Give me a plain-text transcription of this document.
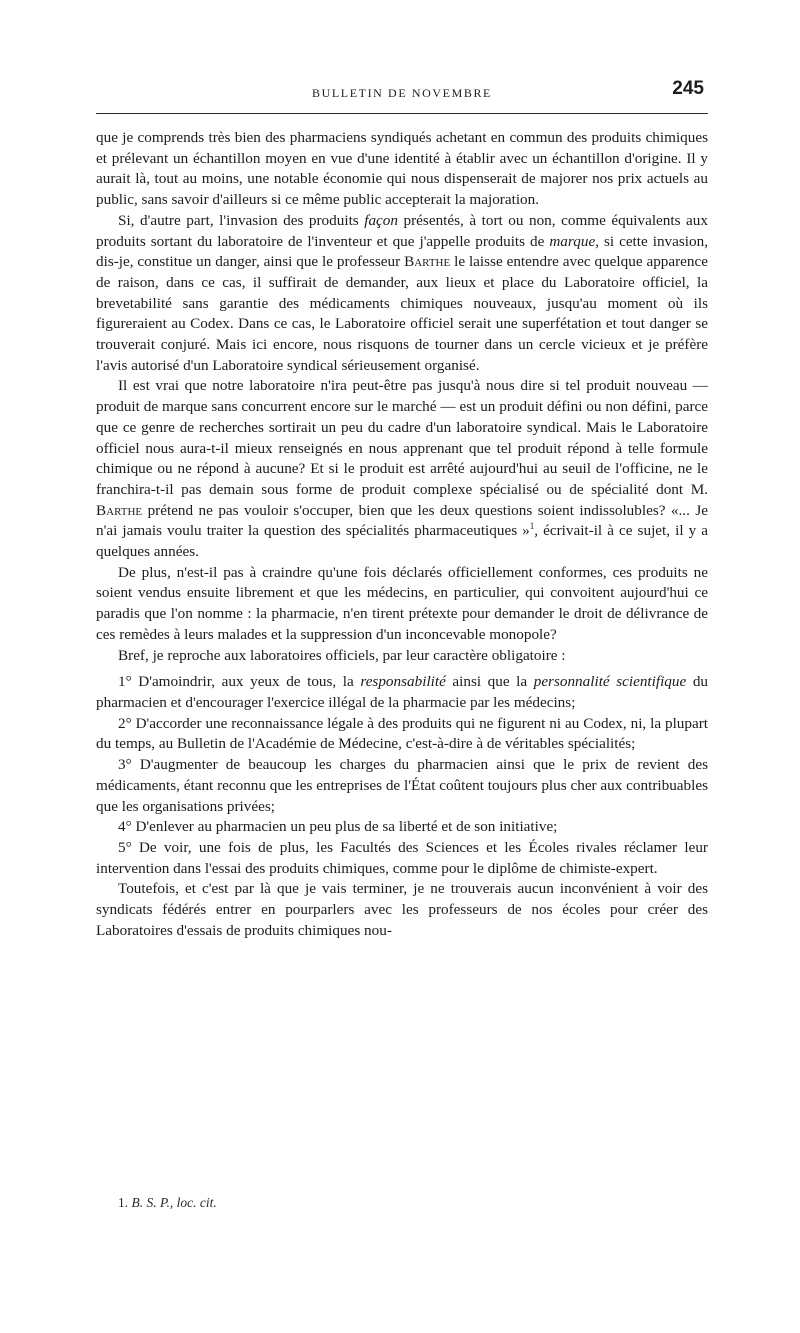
BULLETIN DE NOVEMBRE	245

que je comprends très bien des pharmaciens syndiqués achetant en commun des produits chimiques et prélevant un échantillon moyen en vue d'une identité à établir avec un échantillon d'origine. Il y aurait là, tout au moins, une notable économie qui nous dispenserait de majorer nos prix actuels au public, sans savoir d'ailleurs si ce même public accepterait la majoration.

Si, d'autre part, l'invasion des produits façon présentés, à tort ou non, comme équivalents aux produits sortant du laboratoire de l'inventeur et que j'appelle produits de marque, si cette invasion, dis-je, constitue un danger, ainsi que le professeur Barthe le laisse entendre avec quelque apparence de raison, dans ce cas, il suffirait de demander, aux lieux et place du Laboratoire officiel, la brevetabilité sans garantie des médicaments chimiques nouveaux, jusqu'au moment où ils figureraient au Codex. Dans ce cas, le Laboratoire officiel serait une superfétation et tout danger se trouverait conjuré. Mais ici encore, nous risquons de tourner dans un cercle vicieux et je préfère l'avis autorisé d'un Laboratoire syndical sérieusement organisé.

Il est vrai que notre laboratoire n'ira peut-être pas jusqu'à nous dire si tel produit nouveau — produit de marque sans concurrent encore sur le marché — est un produit défini ou non défini, parce que ce genre de recherches sortirait un peu du cadre d'un laboratoire syndical. Mais le Laboratoire officiel nous aura-t-il mieux renseignés en nous apprenant que tel produit répond à telle formule chimique ou ne répond à aucune? Et si le produit est arrêté aujourd'hui au seuil de l'officine, ne le franchira-t-il pas demain sous forme de produit complexe spécialisé ou de spécialité dont M. Barthe prétend ne pas vouloir s'occuper, bien que les deux questions soient indissolubles? «... Je n'ai jamais voulu traiter la question des spécialités pharmaceutiques »$^1$, écrivait-il à ce sujet, il y a quelques années.

De plus, n'est-il pas à craindre qu'une fois déclarés officiellement conformes, ces produits ne soient vendus ensuite librement et que les médecins, en particulier, qui convoitent aujourd'hui ce paradis que l'on nomme : la pharmacie, n'en tirent prétexte pour demander le droit de délivrance de ces remèdes à leurs malades et la suppression d'un inconcevable monopole?

Bref, je reproche aux laboratoires officiels, par leur caractère obligatoire :

1° D'amoindrir, aux yeux de tous, la responsabilité ainsi que la personnalité scientifique du pharmacien et d'encourager l'exercice illégal de la pharmacie par les médecins;

2° D'accorder une reconnaissance légale à des produits qui ne figurent ni au Codex, ni, la plupart du temps, au Bulletin de l'Académie de Médecine, c'est-à-dire à de véritables spécialités;

3° D'augmenter de beaucoup les charges du pharmacien ainsi que le prix de revient des médicaments, étant reconnu que les entreprises de l'État coûtent toujours plus cher aux contribuables que les organisations privées;

4° D'enlever au pharmacien un peu plus de sa liberté et de son initiative;

5° De voir, une fois de plus, les Facultés des Sciences et les Écoles rivales réclamer leur intervention dans l'essai des produits chimiques, comme pour le diplôme de chimiste-expert.

Toutefois, et c'est par là que je vais terminer, je ne trouverais aucun inconvénient à voir des syndicats fédérés entrer en pourparlers avec les professeurs de nos écoles pour créer des Laboratoires d'essais de produits chimiques nou-

1. B. S. P., loc. cit.
